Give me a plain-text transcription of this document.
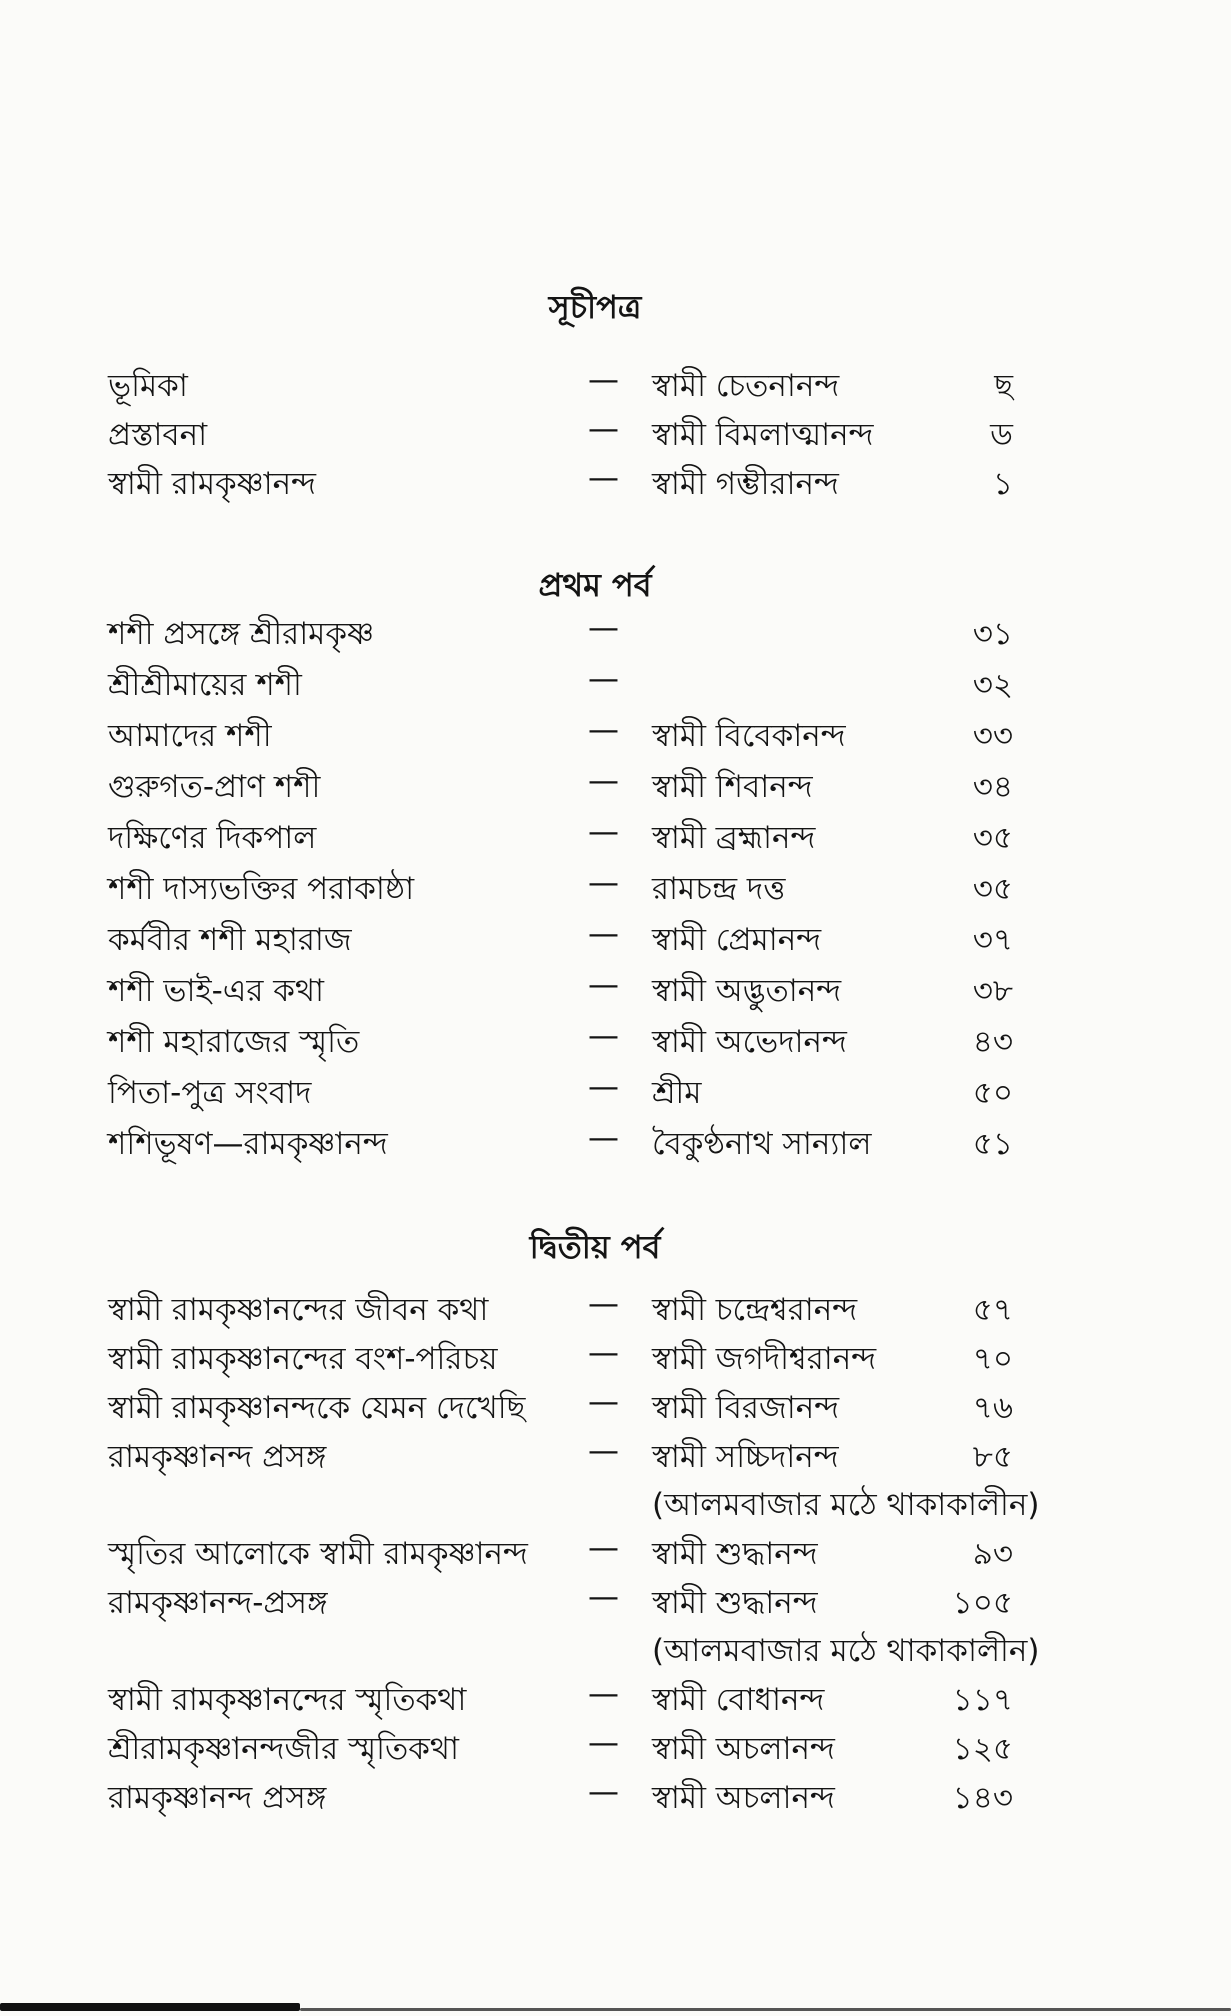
সূচীপত্র
ভূমিকা	— স্বামী চেতনানন্দ	ছ
প্রস্তাবনা	— স্বামী বিমলাত্মানন্দ	ড
স্বামী রামকৃষ্ণানন্দ	— স্বামী গম্ভীরানন্দ	১
প্রথম পর্ব
শশী প্রসঙ্গে শ্রীরামকৃষ্ণ	—	৩১
শ্রীশ্রীমায়ের শশী	—	৩২
আমাদের শশী	— স্বামী বিবেকানন্দ	৩৩
গুরুগত-প্রাণ শশী	— স্বামী শিবানন্দ	৩৪
দক্ষিণের দিকপাল	— স্বামী ব্রহ্মানন্দ	৩৫
শশী দাস্যভক্তির পরাকাষ্ঠা	— রামচন্দ্র দত্ত	৩৫
কর্মবীর শশী মহারাজ	— স্বামী প্রেমানন্দ	৩৭
শশী ভাই-এর কথা	— স্বামী অদ্ভুতানন্দ	৩৮
শশী মহারাজের স্মৃতি	— স্বামী অভেদানন্দ	৪৩
পিতা-পুত্র সংবাদ	— শ্রীম	৫০
শশিভূষণ—রামকৃষ্ণানন্দ	— বৈকুণ্ঠনাথ সান্যাল	৫১
দ্বিতীয় পর্ব
স্বামী রামকৃষ্ণানন্দের জীবন কথা	— স্বামী চন্দ্রেশ্বরানন্দ	৫৭
স্বামী রামকৃষ্ণানন্দের বংশ-পরিচয়	— স্বামী জগদীশ্বরানন্দ	৭০
স্বামী রামকৃষ্ণানন্দকে যেমন দেখেছি — স্বামী বিরজানন্দ	৭৬
রামকৃষ্ণানন্দ প্রসঙ্গ	— স্বামী সচ্চিদানন্দ	৮৫
(আলমবাজার মঠে থাকাকালীন)
স্মৃতির আলোকে স্বামী রামকৃষ্ণানন্দ — স্বামী শুদ্ধানন্দ	৯৩
রামকৃষ্ণানন্দ-প্রসঙ্গ	— স্বামী শুদ্ধানন্দ	১০৫
(আলমবাজার মঠে থাকাকালীন)
স্বামী রামকৃষ্ণানন্দের স্মৃতিকথা	— স্বামী বোধানন্দ	১১৭
শ্রীরামকৃষ্ণানন্দজীর স্মৃতিকথা	— স্বামী অচলানন্দ	১২৫
রামকৃষ্ণানন্দ প্রসঙ্গ	— স্বামী অচলানন্দ	১৪৩
